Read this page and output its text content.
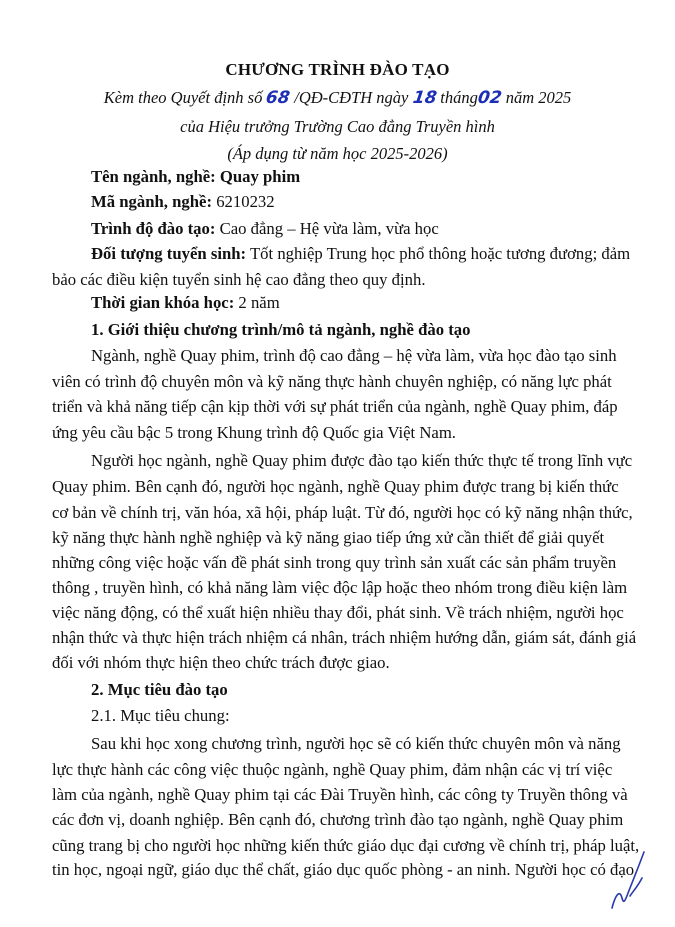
CHƯƠNG TRÌNH ĐÀO TẠO
Kèm theo Quyết định số 68 /QĐ-CĐTH ngày 18 tháng02 năm 2025
của Hiệu trưởng Trường Cao đẳng Truyền hình
(Áp dụng từ năm học 2025-2026)
Tên ngành, nghề: Quay phim
Mã ngành, nghề: 6210232
Trình độ đào tạo: Cao đẳng – Hệ vừa làm, vừa học
Đối tượng tuyển sinh: Tốt nghiệp Trung học phổ thông hoặc tương đương; đảm
bảo các điều kiện tuyển sinh hệ cao đẳng theo quy định.
Thời gian khóa học: 2 năm
1. Giới thiệu chương trình/mô tả ngành, nghề đào tạo
Ngành, nghề Quay phim, trình độ cao đẳng – hệ vừa làm, vừa học đào tạo sinh
viên có trình độ chuyên môn và kỹ năng thực hành chuyên nghiệp, có năng lực phát
triển và khả năng tiếp cận kịp thời với sự phát triển của ngành, nghề Quay phim, đáp
ứng yêu cầu bậc 5 trong Khung trình độ Quốc gia Việt Nam.
Người học ngành, nghề Quay phim được đào tạo kiến thức thực tế trong lĩnh vực
Quay phim. Bên cạnh đó, người học ngành, nghề Quay phim được trang bị kiến thức
cơ bản về chính trị, văn hóa, xã hội, pháp luật. Từ đó, người học có kỹ năng nhận thức,
kỹ năng thực hành nghề nghiệp và kỹ năng giao tiếp ứng xử cần thiết để giải quyết
những công việc hoặc vấn đề phát sinh trong quy trình sản xuất các sản phẩm truyền
thông , truyền hình, có khả năng làm việc độc lập hoặc theo nhóm trong điều kiện làm
việc năng động, có thể xuất hiện nhiều thay đổi, phát sinh. Về trách nhiệm, người học
nhận thức và thực hiện trách nhiệm cá nhân, trách nhiệm hướng dẫn, giám sát, đánh giá
đối với nhóm thực hiện theo chức trách được giao.
2. Mục tiêu đào tạo
2.1. Mục tiêu chung:
Sau khi học xong chương trình, người học sẽ có kiến thức chuyên môn và năng
lực thực hành các công việc thuộc ngành, nghề Quay phim, đảm nhận các vị trí việc
làm của ngành, nghề Quay phim tại các Đài Truyền hình, các công ty Truyền thông và
các đơn vị, doanh nghiệp. Bên cạnh đó, chương trình đào tạo ngành, nghề Quay phim
cũng trang bị cho người học những kiến thức giáo dục đại cương về chính trị, pháp luật,
tin học, ngoại ngữ, giáo dục thể chất, giáo dục quốc phòng - an ninh. Người học có đạo
